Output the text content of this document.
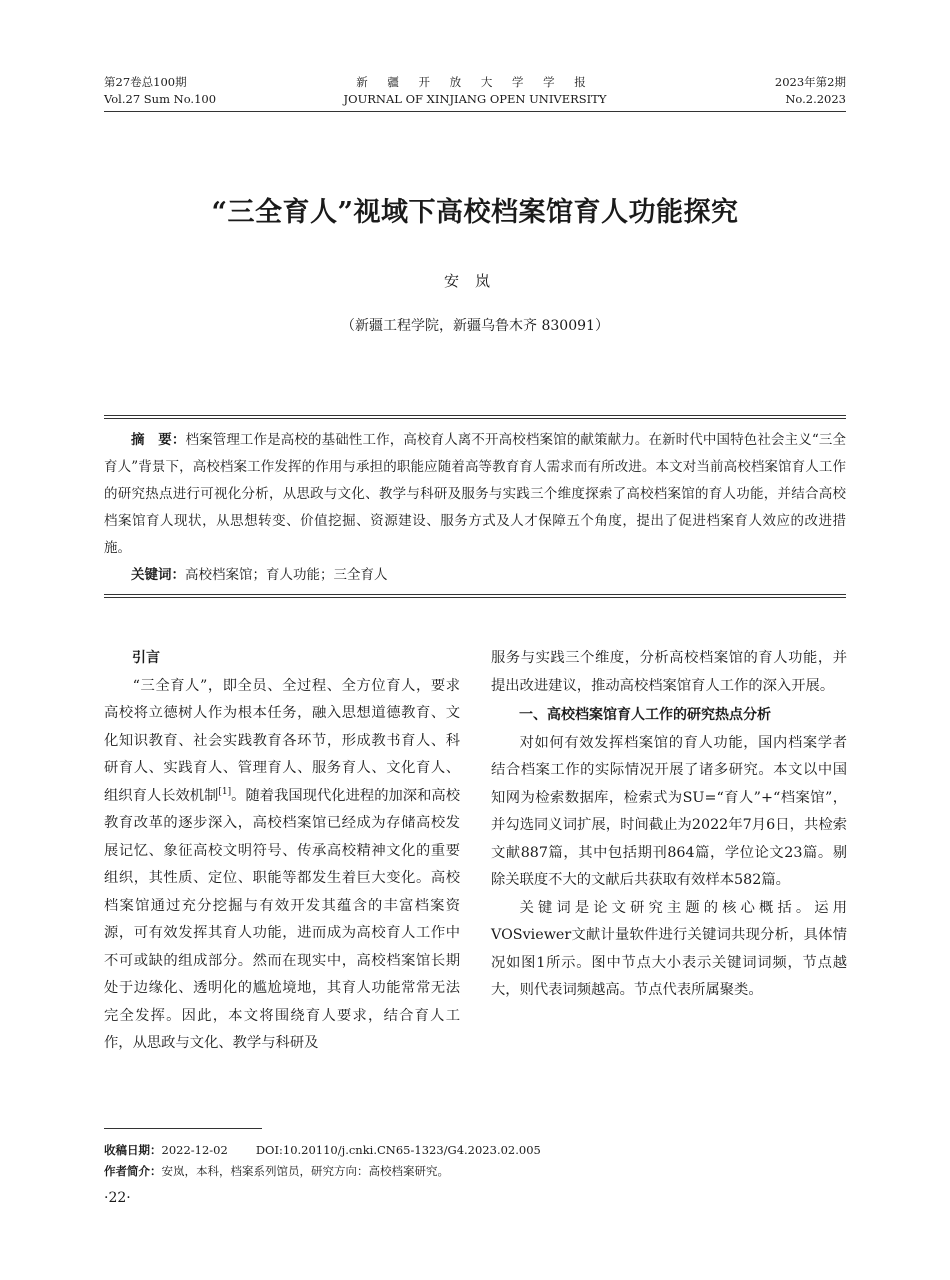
第27卷总100期
Vol.27 Sum No.100
新 疆 开 放 大 学 学 报
JOURNAL OF XINJIANG OPEN UNIVERSITY
2023年第2期
No.2.2023
“三全育人”视域下高校档案馆育人功能探究
安岚
（新疆工程学院，新疆乌鲁木齐 830091）
摘　要：档案管理工作是高校的基础性工作，高校育人离不开高校档案馆的献策献力。在新时代中国特色社会主义“三全育人”背景下，高校档案工作发挥的作用与承担的职能应随着高等教育育人需求而有所改进。本文对当前高校档案馆育人工作的研究热点进行可视化分析，从思政与文化、教学与科研及服务与实践三个维度探索了高校档案馆的育人功能，并结合高校档案馆育人现状，从思想转变、价值挖掘、资源建设、服务方式及人才保障五个角度，提出了促进档案育人效应的改进措施。
关键词：高校档案馆；育人功能；三全育人

引言

“三全育人”，即全员、全过程、全方位育人，要求高校将立德树人作为根本任务，融入思想道德教育、文化知识教育、社会实践教育各环节，形成教书育人、科研育人、实践育人、管理育人、服务育人、文化育人、组织育人长效机制[1]。随着我国现代化进程的加深和高校教育改革的逐步深入，高校档案馆已经成为存储高校发展记忆、象征高校文明符号、传承高校精神文化的重要组织，其性质、定位、职能等都发生着巨大变化。高校档案馆通过充分挖掘与有效开发其蕴含的丰富档案资源，可有效发挥其育人功能，进而成为高校育人工作中不可或缺的组成部分。然而在现实中，高校档案馆长期处于边缘化、透明化的尴尬境地，其育人功能常常无法完全发挥。因此，本文将围绕育人要求，结合育人工作，从思政与文化、教学与科研及

服务与实践三个维度，分析高校档案馆的育人功能，并提出改进建议，推动高校档案馆育人工作的深入开展。

一、高校档案馆育人工作的研究热点分析

对如何有效发挥档案馆的育人功能，国内档案学者结合档案工作的实际情况开展了诸多研究。本文以中国知网为检索数据库，检索式为SU=“育人”+“档案馆”，并勾选同义词扩展，时间截止为2022年7月6日，共检索文献887篇，其中包括期刊864篇，学位论文23篇。剔除关联度不大的文献后共获取有效样本582篇。

关键词是论文研究主题的核心概括。运用VOSviewer文献计量软件进行关键词共现分析，具体情况如图1所示。图中节点大小表示关键词词频，节点越大，则代表词频越高。节点代表所属聚类。

收稿日期：2022-12-02 DOI:10.20110/j.cnki.CN65-1323/G4.2023.02.005
作者简介：安岚，本科，档案系列馆员，研究方向：高校档案研究。
·22·
